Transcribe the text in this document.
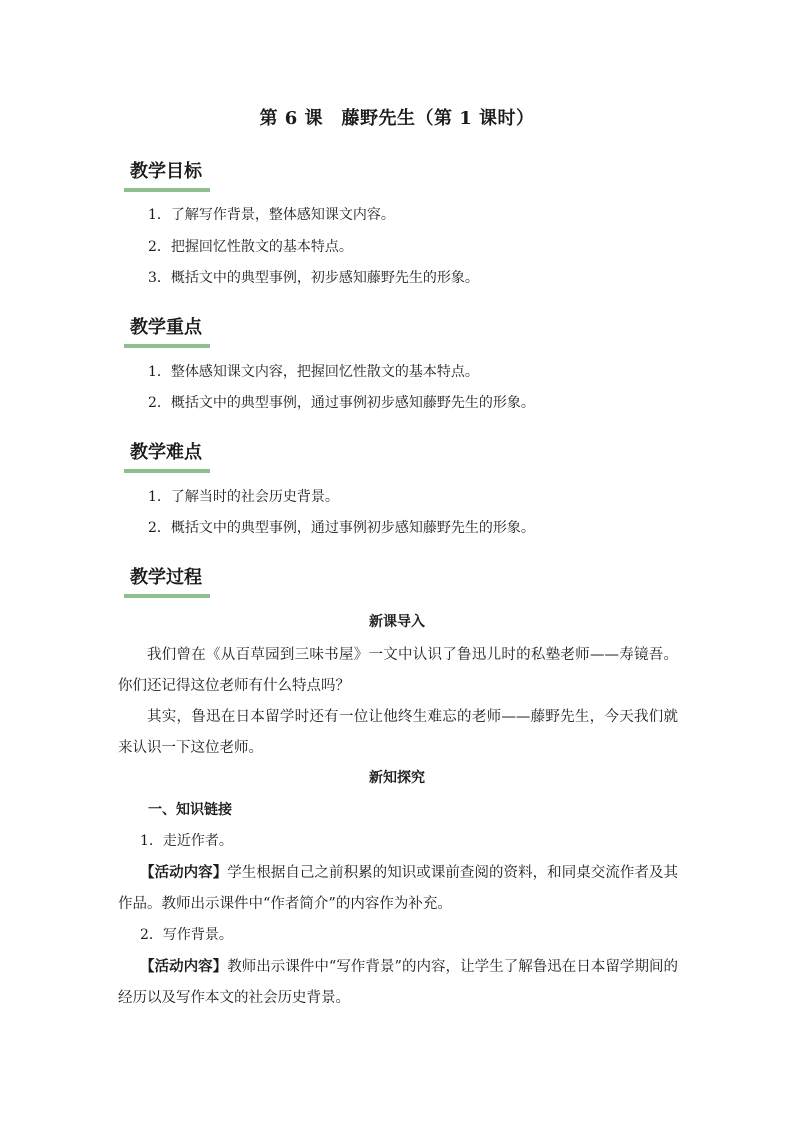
第 6 课　藤野先生（第 1 课时）
教学目标
1．了解写作背景，整体感知课文内容。
2．把握回忆性散文的基本特点。
3．概括文中的典型事例，初步感知藤野先生的形象。
教学重点
1．整体感知课文内容，把握回忆性散文的基本特点。
2．概括文中的典型事例，通过事例初步感知藤野先生的形象。
教学难点
1．了解当时的社会历史背景。
2．概括文中的典型事例，通过事例初步感知藤野先生的形象。
教学过程
新课导入
我们曾在《从百草园到三味书屋》一文中认识了鲁迅儿时的私塾老师——寿镜吾。你们还记得这位老师有什么特点吗？
其实，鲁迅在日本留学时还有一位让他终生难忘的老师——藤野先生，今天我们就来认识一下这位老师。
新知探究
一、知识链接
1．走近作者。
【活动内容】学生根据自己之前积累的知识或课前查阅的资料，和同桌交流作者及其作品。教师出示课件中“作者简介”的内容作为补充。
2．写作背景。
【活动内容】教师出示课件中“写作背景”的内容，让学生了解鲁迅在日本留学期间的经历以及写作本文的社会历史背景。
